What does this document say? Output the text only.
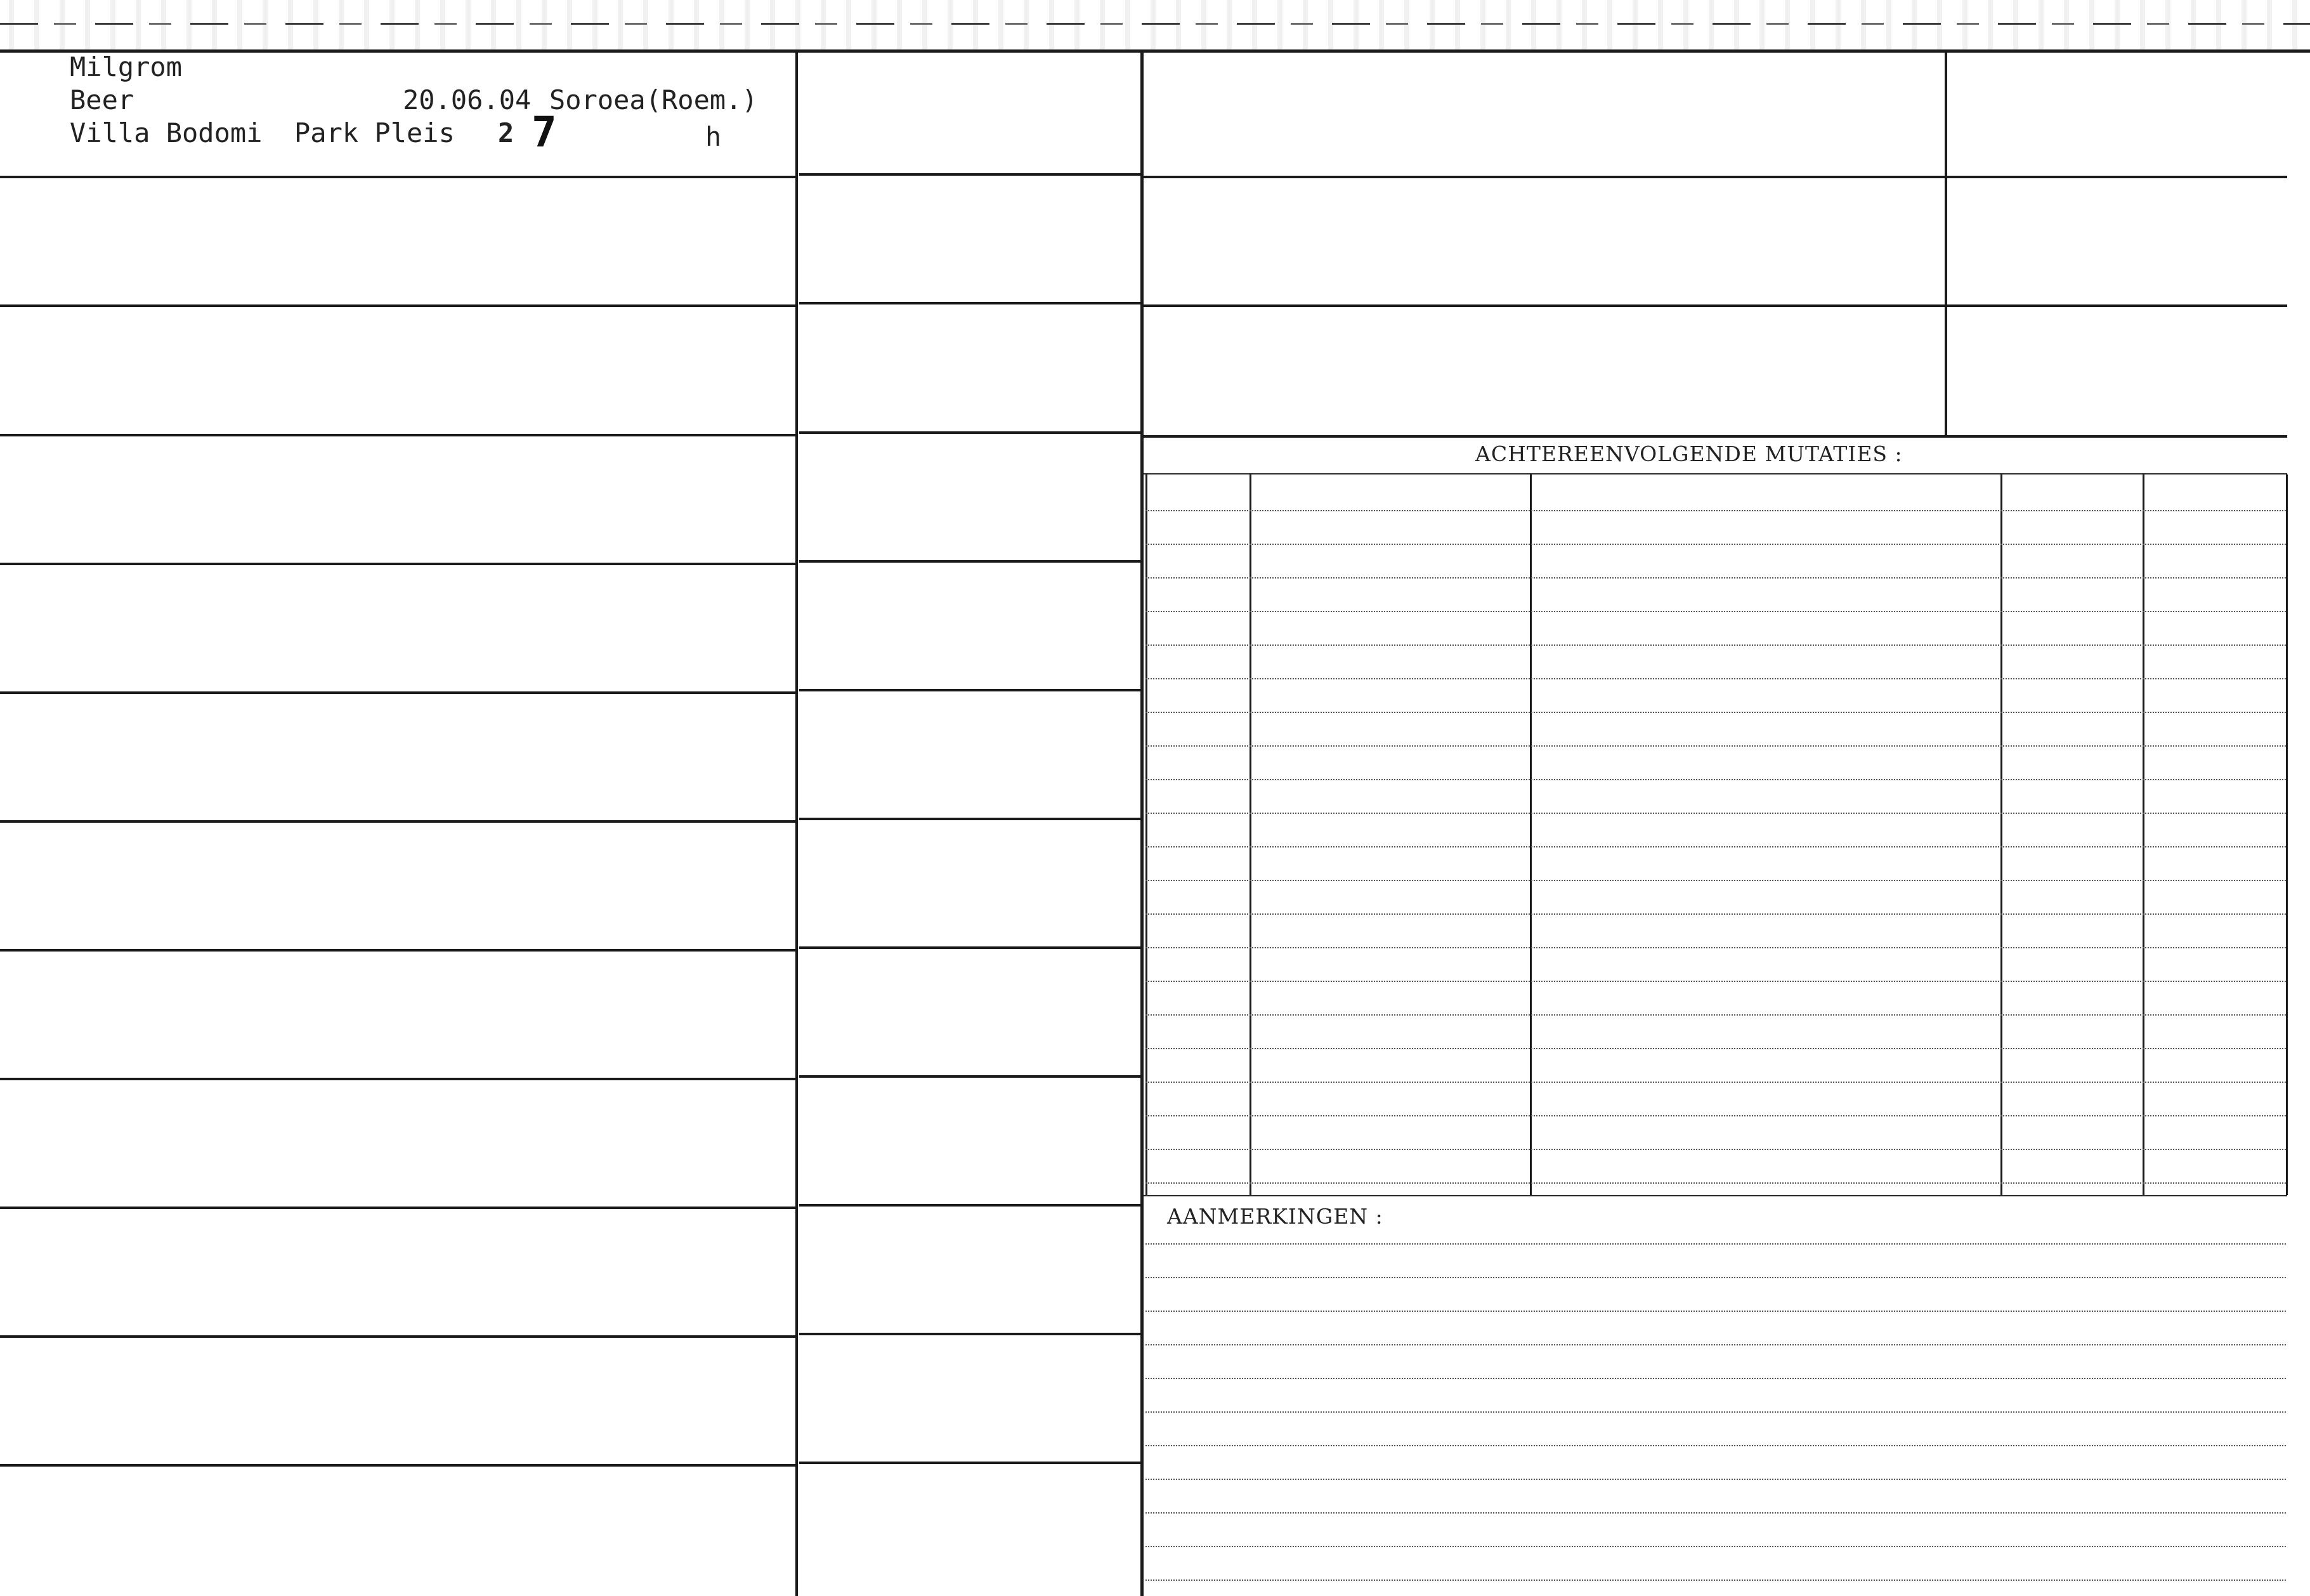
Milgrom
Beer	20.06.04 Soroea(Roem.)
Villa Bodomi  Park Pleis 2 7	h
ACHTEREENVOLGENDE MUTATIES :
AANMERKINGEN :
